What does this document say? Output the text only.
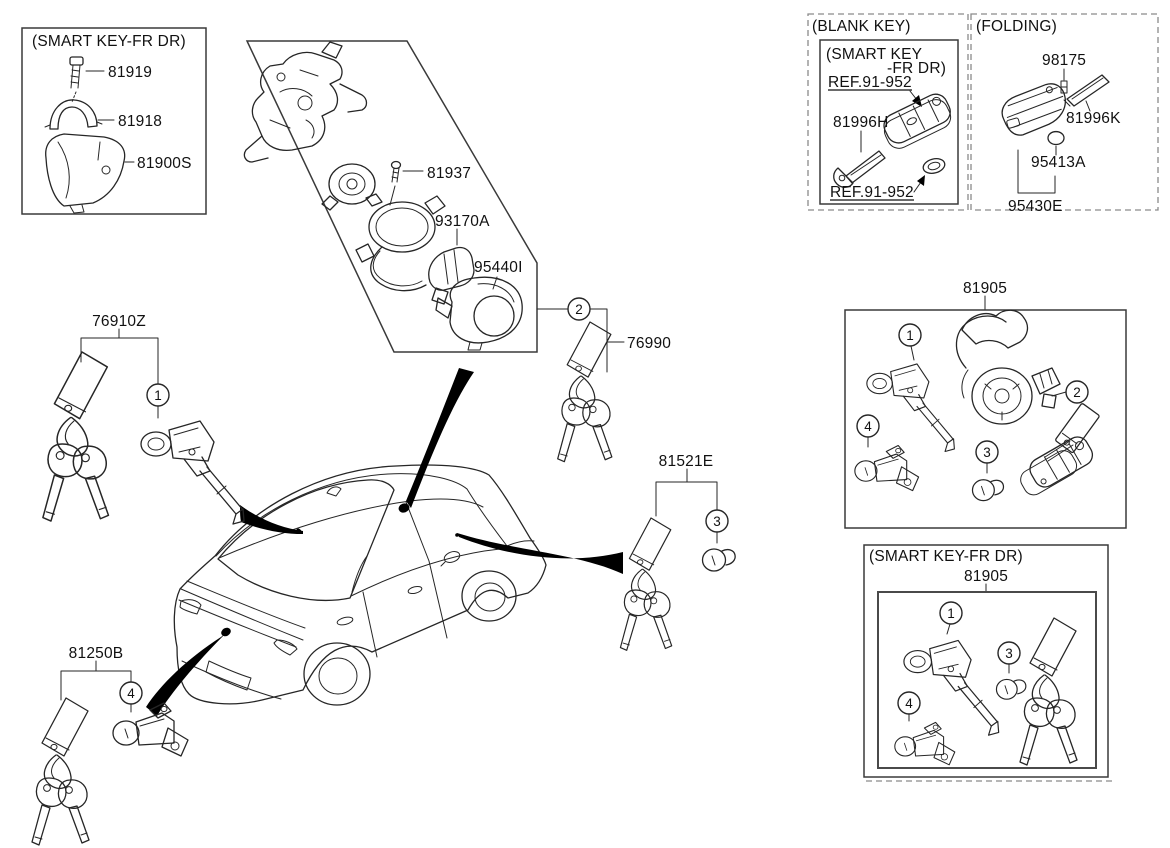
(SMART KEY-FR DR)
81919
81918
81900S
81937
93170A
95440I
76910Z
1
2
76990
81521E
3
81250B
4
(BLANK KEY)
(SMART KEY
-FR DR)
REF.91-952
81996H
REF.91-952
(FOLDING)
98175
81996K
95413A
95430E
81905
1
2
4
3
(SMART KEY-FR DR)
81905
1
3
4
